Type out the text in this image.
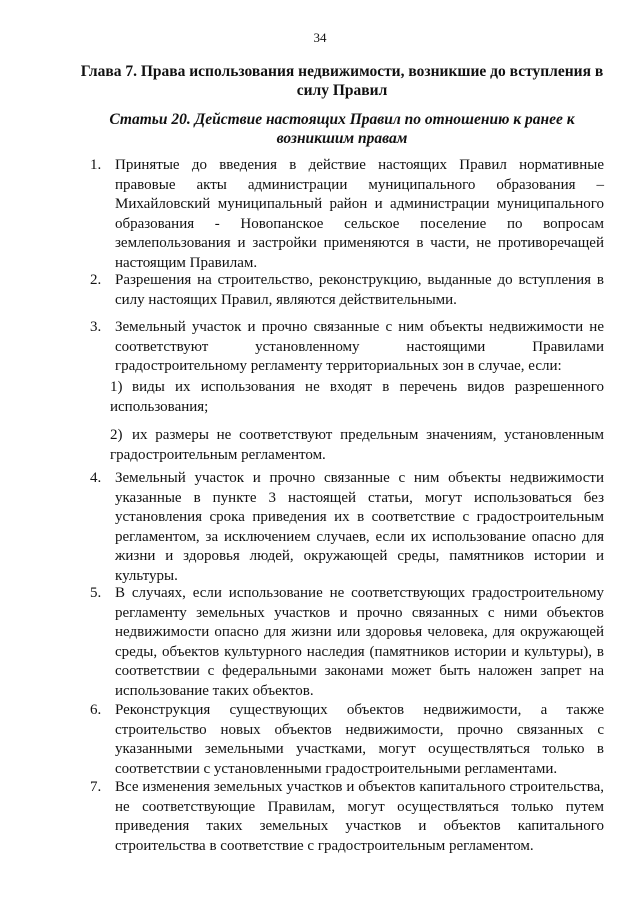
34
Глава 7. Права использования недвижимости, возникшие до вступления в силу Правил
Статьи 20. Действие настоящих Правил по отношению к ранее к возникшим правам
1. Принятые до введения в действие настоящих Правил нормативные правовые акты администрации муниципального образования – Михайловский муниципальный район и администрации муниципального образования - Новопанское сельское поселение по вопросам землепользования и застройки применяются в части, не противоречащей настоящим Правилам.
2. Разрешения на строительство, реконструкцию, выданные до вступления в силу настоящих Правил, являются действительными.
3. Земельный участок и прочно связанные с ним объекты недвижимости не соответствуют установленному настоящими Правилами градостроительному регламенту территориальных зон в случае, если:
1) виды их использования не входят в перечень видов разрешенного использования;
2) их размеры не соответствуют предельным значениям, установленным градостроительным регламентом.
4. Земельный участок и прочно связанные с ним объекты недвижимости указанные в пункте 3 настоящей статьи, могут использоваться без установления срока приведения их в соответствие с градостроительным регламентом, за исключением случаев, если их использование опасно для жизни и здоровья людей, окружающей среды, памятников истории и культуры.
5. В случаях, если использование не соответствующих градостроительному регламенту земельных участков и прочно связанных с ними объектов недвижимости опасно для жизни или здоровья человека, для окружающей среды, объектов культурного наследия (памятников истории и культуры), в соответствии с федеральными законами может быть наложен запрет на использование таких объектов.
6. Реконструкция существующих объектов недвижимости, а также строительство новых объектов недвижимости, прочно связанных с указанными земельными участками, могут осуществляться только в соответствии с установленными градостроительными регламентами.
7. Все изменения земельных участков и объектов капитального строительства, не соответствующие Правилам, могут осуществляться только путем приведения таких земельных участков и объектов капитального строительства в соответствие с градостроительным регламентом.
